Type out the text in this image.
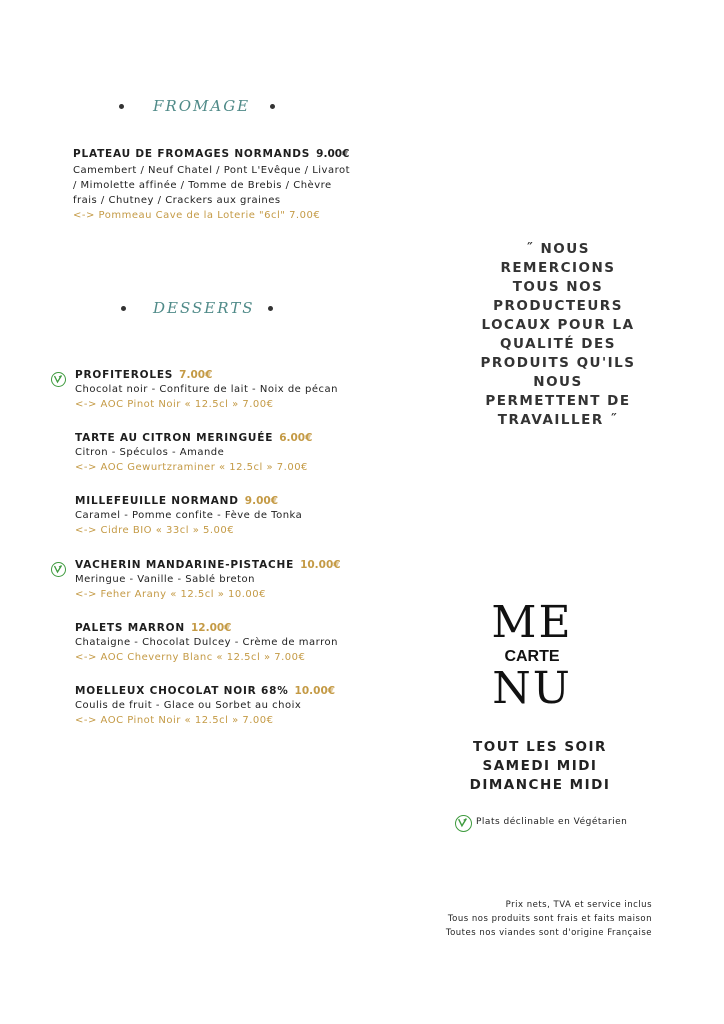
FROMAGE
PLATEAU DE FROMAGES NORMANDS 9.00€
Camembert / Neuf Chatel / Pont L'Evêque / Livarot
/ Mimolette affinée / Tomme de Brebis / Chèvre
frais / Chutney / Crackers aux graines
<-> Pommeau Cave de la Loterie "6cl" 7.00€
DESSERTS
PROFITEROLES 7.00€
Chocolat noir - Confiture de lait - Noix de pécan
<-> AOC Pinot Noir « 12.5cl » 7.00€
TARTE AU CITRON MERINGUÉE 6.00€
Citron - Spéculos - Amande
<-> AOC Gewurtzraminer « 12.5cl » 7.00€
MILLEFEUILLE NORMAND 9.00€
Caramel - Pomme confite - Fève de Tonka
<-> Cidre BIO « 33cl » 5.00€
VACHERIN MANDARINE-PISTACHE 10.00€
Meringue - Vanille - Sablé breton
<-> Feher Arany « 12.5cl » 10.00€
PALETS MARRON 12.00€
Chataigne - Chocolat Dulcey - Crème de marron
<-> AOC Cheverny Blanc « 12.5cl » 7.00€
MOELLEUX CHOCOLAT NOIR 68% 10.00€
Coulis de fruit - Glace ou Sorbet au choix
<-> AOC Pinot Noir « 12.5cl » 7.00€
˝ NOUS
REMERCIONS
TOUS NOS
PRODUCTEURS
LOCAUX POUR LA
QUALITÉ DES
PRODUITS QU'ILS
NOUS
PERMETTENT DE
TRAVAILLER ˝
ME
CARTE
NU
TOUT LES SOIR
SAMEDI MIDI
DIMANCHE MIDI
Plats déclinable en Végétarien
Prix nets, TVA et service inclus
Tous nos produits sont frais et faits maison
Toutes nos viandes sont d'origine Française
